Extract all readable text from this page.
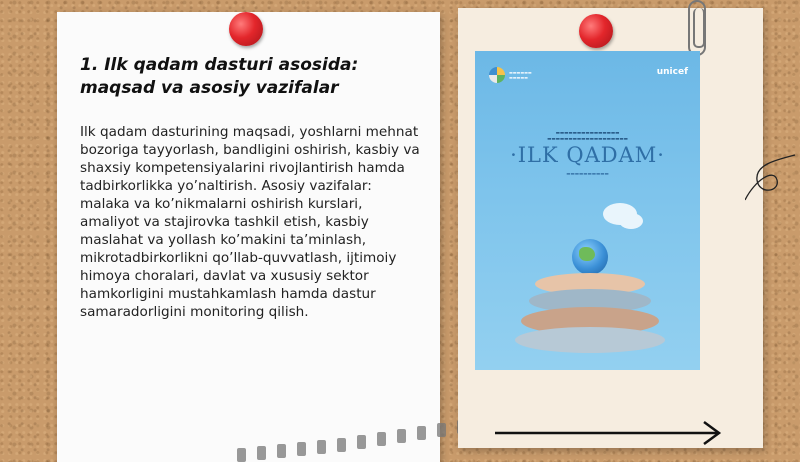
1. Ilk qadam dasturi asosida: maqsad va asosiy vazifalar

Ilk qadam dasturining maqsadi, yoshlarni mehnat bozoriga tayyorlash, bandligini oshirish, kasbiy va shaxsiy kompetensiyalarini rivojlantirish hamda tadbirkorlikka yo’naltirish. Asosiy vazifalar: malaka va ko’nikmalarni oshirish kurslari, amaliyot va stajirovka tashkil etish, kasbiy maslahat va yollash ko’makini ta’minlash, mikrotadbirkorlikni qo’llab-quvvatlash, ijtimoiy himoya choralari, davlat va xususiy sektor hamkorligini mustahkamlash hamda dastur samaradorligini monitoring qilish.

▬▬▬▬▬▬
▬▬▬▬▬
unicef
▬▬▬▬▬▬▬▬▬▬▬▬▬▬▬
▬▬▬▬▬▬▬▬▬▬▬▬▬▬▬▬▬▬▬
·ILK QADAM·
▬▬▬▬▬▬▬▬▬▬
